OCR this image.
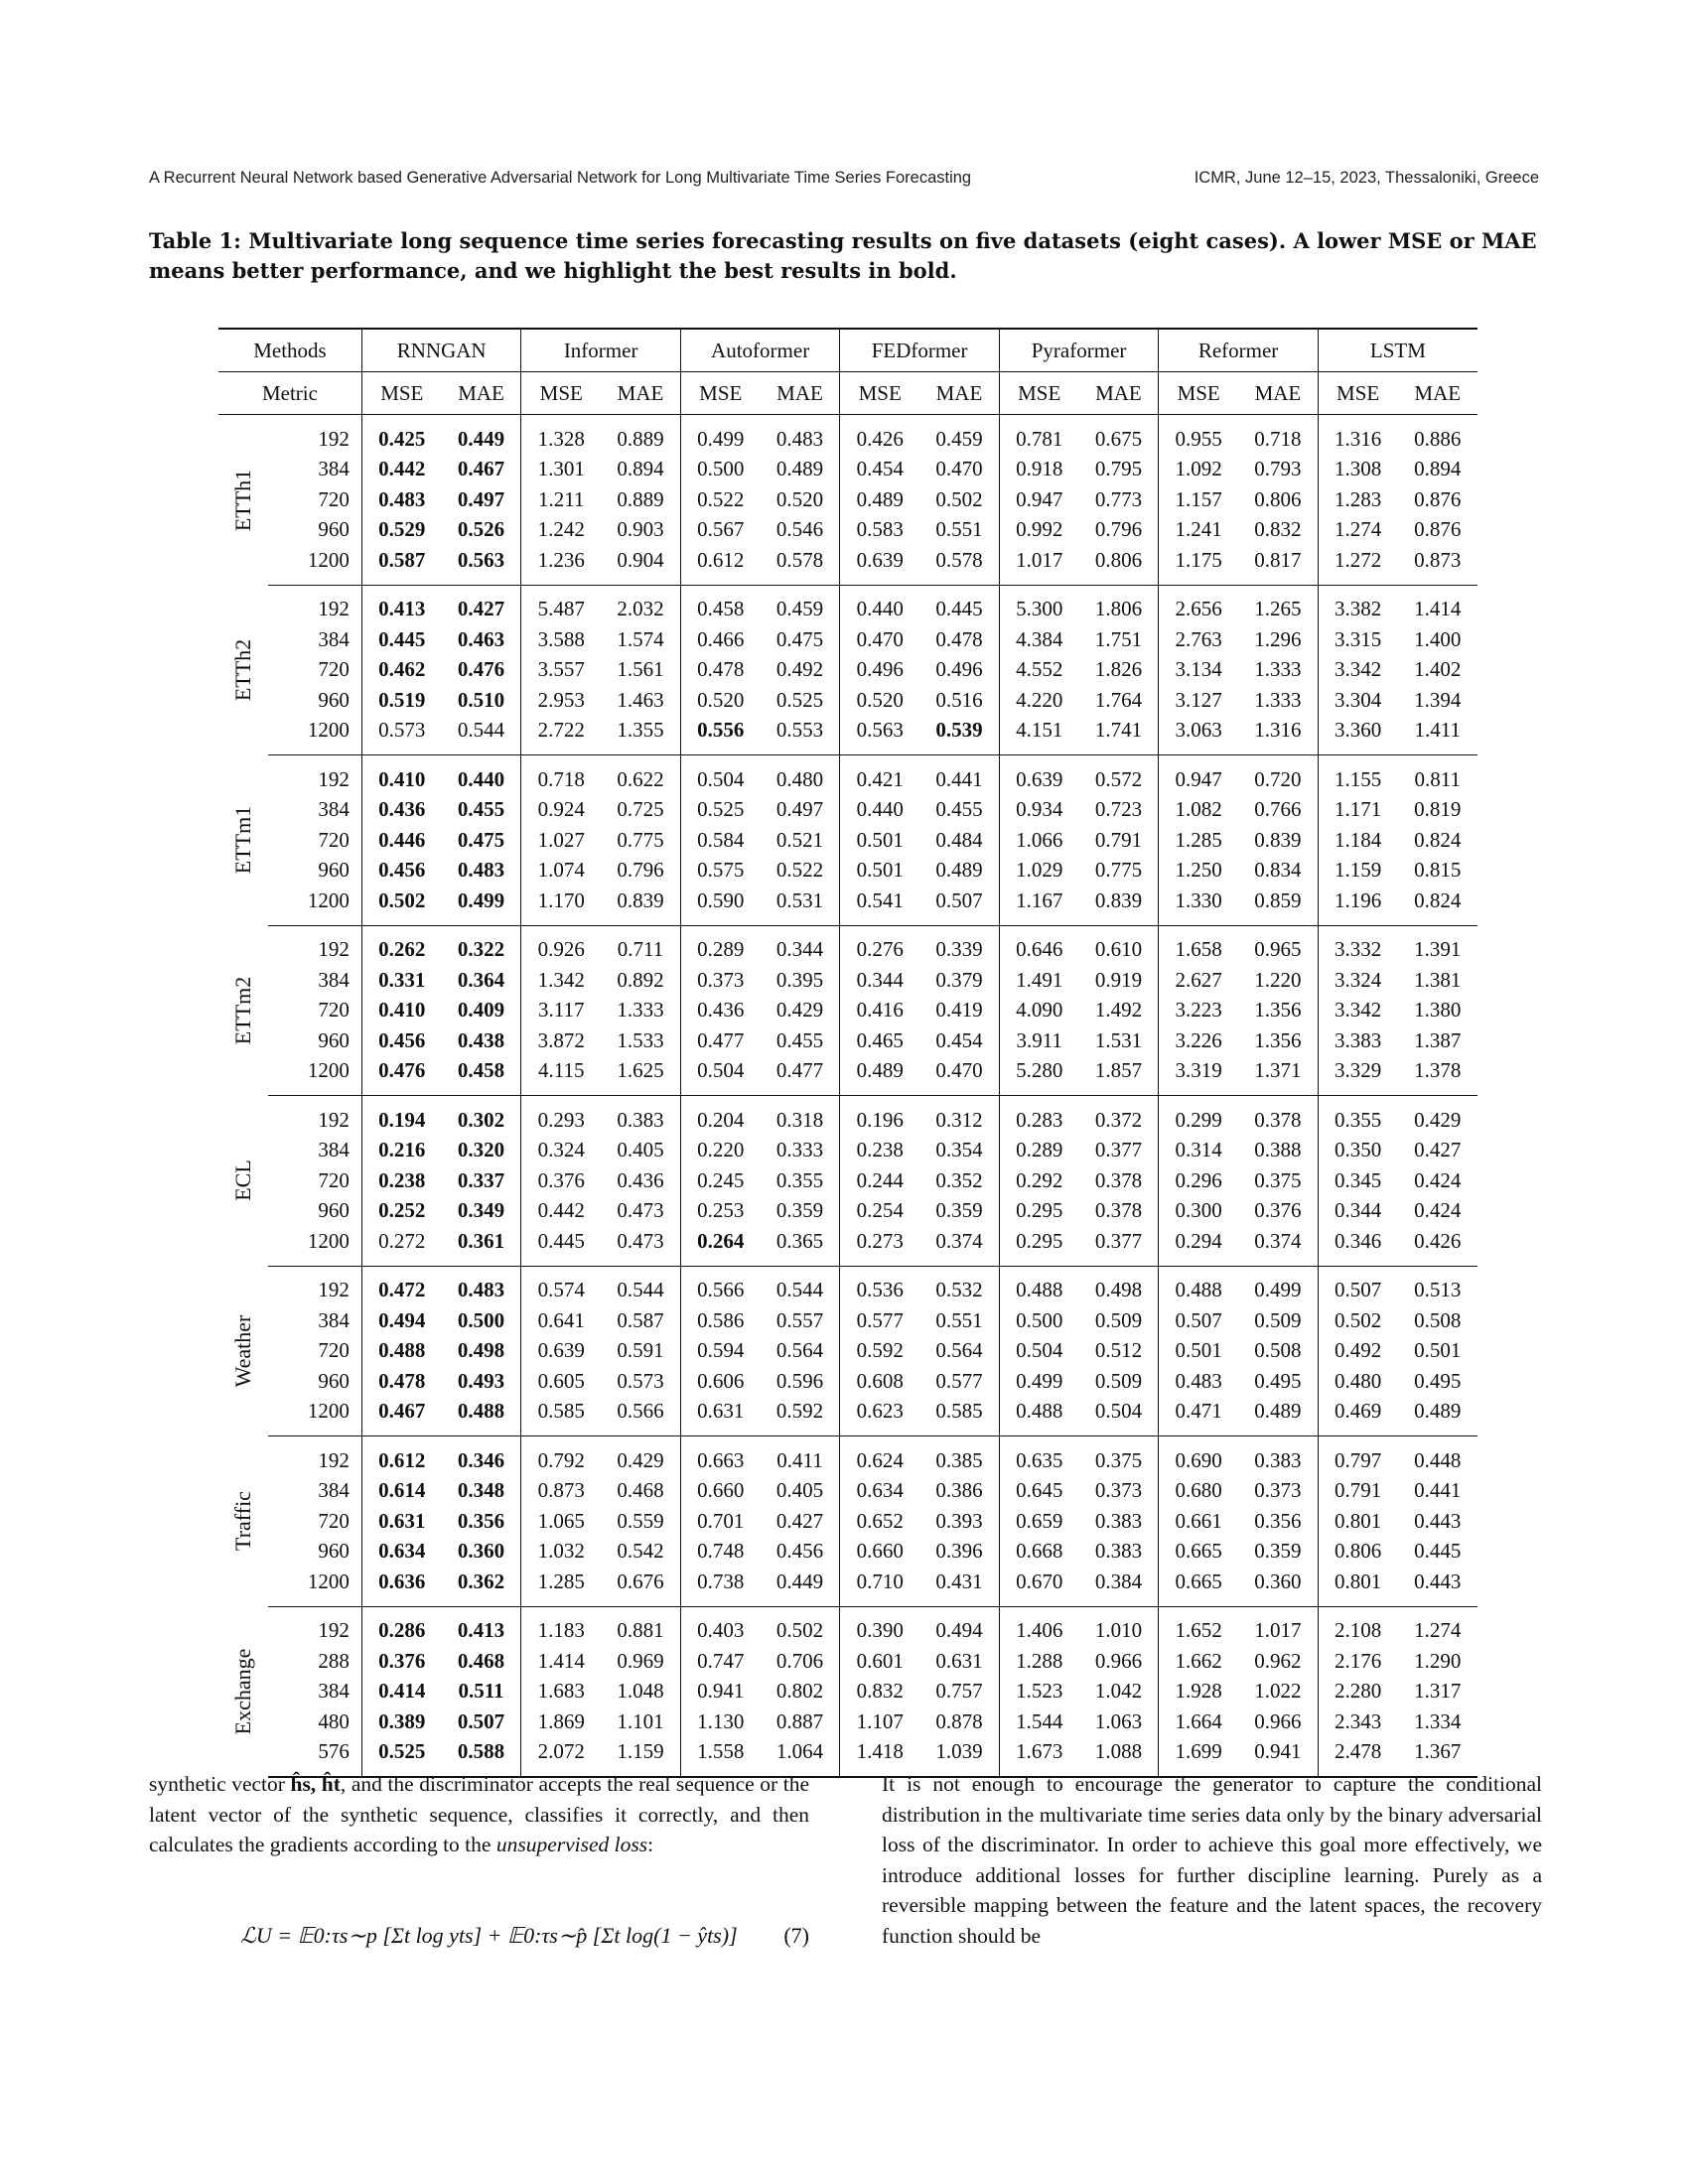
A Recurrent Neural Network based Generative Adversarial Network for Long Multivariate Time Series Forecasting	ICMR, June 12–15, 2023, Thessaloniki, Greece
Table 1: Multivariate long sequence time series forecasting results on five datasets (eight cases). A lower MSE or MAE means better performance, and we highlight the best results in bold.
Methods		RNNGAN		Informer		Autoformer		FEDformer		Pyraformer		Reformer		LSTM	
Metric		MSE	MAE	MSE	MAE	MSE	MAE	MSE	MAE	MSE	MAE	MSE	MAE	MSE	MAE

ETTh1	192	0.425	0.449	1.328	0.889	0.499	0.483	0.426	0.459	0.781	0.675	0.955	0.718	1.316	0.886
	384	0.442	0.467	1.301	0.894	0.500	0.489	0.454	0.470	0.918	0.795	1.092	0.793	1.308	0.894
	720	0.483	0.497	1.211	0.889	0.522	0.520	0.489	0.502	0.947	0.773	1.157	0.806	1.283	0.876
	960	0.529	0.526	1.242	0.903	0.567	0.546	0.583	0.551	0.992	0.796	1.241	0.832	1.274	0.876
	1200	0.587	0.563	1.236	0.904	0.612	0.578	0.639	0.578	1.017	0.806	1.175	0.817	1.272	0.873

ETTh2	192	0.413	0.427	5.487	2.032	0.458	0.459	0.440	0.445	5.300	1.806	2.656	1.265	3.382	1.414
	384	0.445	0.463	3.588	1.574	0.466	0.475	0.470	0.478	4.384	1.751	2.763	1.296	3.315	1.400
	720	0.462	0.476	3.557	1.561	0.478	0.492	0.496	0.496	4.552	1.826	3.134	1.333	3.342	1.402
	960	0.519	0.510	2.953	1.463	0.520	0.525	0.520	0.516	4.220	1.764	3.127	1.333	3.304	1.394
	1200	0.573	0.544	2.722	1.355	0.556	0.553	0.563	0.539	4.151	1.741	3.063	1.316	3.360	1.411

ETTm1	192	0.410	0.440	0.718	0.622	0.504	0.480	0.421	0.441	0.639	0.572	0.947	0.720	1.155	0.811
	384	0.436	0.455	0.924	0.725	0.525	0.497	0.440	0.455	0.934	0.723	1.082	0.766	1.171	0.819
	720	0.446	0.475	1.027	0.775	0.584	0.521	0.501	0.484	1.066	0.791	1.285	0.839	1.184	0.824
	960	0.456	0.483	1.074	0.796	0.575	0.522	0.501	0.489	1.029	0.775	1.250	0.834	1.159	0.815
	1200	0.502	0.499	1.170	0.839	0.590	0.531	0.541	0.507	1.167	0.839	1.330	0.859	1.196	0.824

ETTm2	192	0.262	0.322	0.926	0.711	0.289	0.344	0.276	0.339	0.646	0.610	1.658	0.965	3.332	1.391
	384	0.331	0.364	1.342	0.892	0.373	0.395	0.344	0.379	1.491	0.919	2.627	1.220	3.324	1.381
	720	0.410	0.409	3.117	1.333	0.436	0.429	0.416	0.419	4.090	1.492	3.223	1.356	3.342	1.380
	960	0.456	0.438	3.872	1.533	0.477	0.455	0.465	0.454	3.911	1.531	3.226	1.356	3.383	1.387
	1200	0.476	0.458	4.115	1.625	0.504	0.477	0.489	0.470	5.280	1.857	3.319	1.371	3.329	1.378

ECL	192	0.194	0.302	0.293	0.383	0.204	0.318	0.196	0.312	0.283	0.372	0.299	0.378	0.355	0.429
	384	0.216	0.320	0.324	0.405	0.220	0.333	0.238	0.354	0.289	0.377	0.314	0.388	0.350	0.427
	720	0.238	0.337	0.376	0.436	0.245	0.355	0.244	0.352	0.292	0.378	0.296	0.375	0.345	0.424
	960	0.252	0.349	0.442	0.473	0.253	0.359	0.254	0.359	0.295	0.378	0.300	0.376	0.344	0.424
	1200	0.272	0.361	0.445	0.473	0.264	0.365	0.273	0.374	0.295	0.377	0.294	0.374	0.346	0.426

Weather	192	0.472	0.483	0.574	0.544	0.566	0.544	0.536	0.532	0.488	0.498	0.488	0.499	0.507	0.513
	384	0.494	0.500	0.641	0.587	0.586	0.557	0.577	0.551	0.500	0.509	0.507	0.509	0.502	0.508
	720	0.488	0.498	0.639	0.591	0.594	0.564	0.592	0.564	0.504	0.512	0.501	0.508	0.492	0.501
	960	0.478	0.493	0.605	0.573	0.606	0.596	0.608	0.577	0.499	0.509	0.483	0.495	0.480	0.495
	1200	0.467	0.488	0.585	0.566	0.631	0.592	0.623	0.585	0.488	0.504	0.471	0.489	0.469	0.489

Traffic	192	0.612	0.346	0.792	0.429	0.663	0.411	0.624	0.385	0.635	0.375	0.690	0.383	0.797	0.448
	384	0.614	0.348	0.873	0.468	0.660	0.405	0.634	0.386	0.645	0.373	0.680	0.373	0.791	0.441
	720	0.631	0.356	1.065	0.559	0.701	0.427	0.652	0.393	0.659	0.383	0.661	0.356	0.801	0.443
	960	0.634	0.360	1.032	0.542	0.748	0.456	0.660	0.396	0.668	0.383	0.665	0.359	0.806	0.445
	1200	0.636	0.362	1.285	0.676	0.738	0.449	0.710	0.431	0.670	0.384	0.665	0.360	0.801	0.443

Exchange	192	0.286	0.413	1.183	0.881	0.403	0.502	0.390	0.494	1.406	1.010	1.652	1.017	2.108	1.274
	288	0.376	0.468	1.414	0.969	0.747	0.706	0.601	0.631	1.288	0.966	1.662	0.962	2.176	1.290
	384	0.414	0.511	1.683	1.048	0.941	0.802	0.832	0.757	1.523	1.042	1.928	1.022	2.280	1.317
	480	0.389	0.507	1.869	1.101	1.130	0.887	1.107	0.878	1.544	1.063	1.664	0.966	2.343	1.334
	576	0.525	0.588	2.072	1.159	1.558	1.064	1.418	1.039	1.673	1.088	1.699	0.941	2.478	1.367
synthetic vector ĥs, ĥt, and the discriminator accepts the real sequence or the latent vector of the synthetic sequence, classifies it correctly, and then calculates the gradients according to the unsupervised loss:
ℒU = 𝔼0:τs∼p [Σt log yts] + 𝔼0:τs∼p̂ [Σt log(1 − ŷts)] (7)
It is not enough to encourage the generator to capture the conditional distribution in the multivariate time series data only by the binary adversarial loss of the discriminator. In order to achieve this goal more effectively, we introduce additional losses for further discipline learning. Purely as a reversible mapping between the feature and the latent spaces, the recovery function should be
